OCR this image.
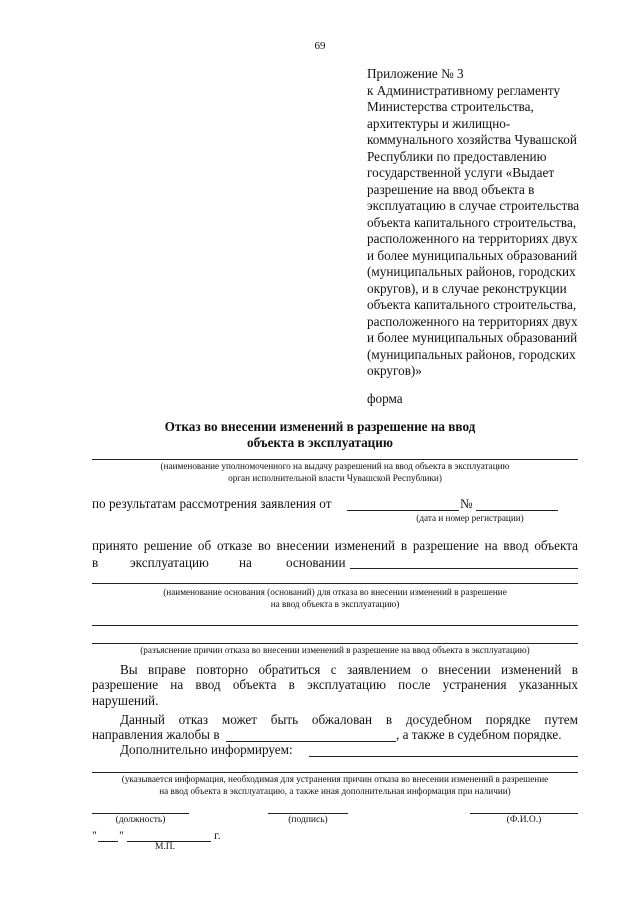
69
Приложение № 3
к Административному регламенту
Министерства строительства,
архитектуры и жилищно-
коммунального хозяйства Чувашской
Республики по предоставлению
государственной услуги «Выдает
разрешение на ввод объекта в
эксплуатацию в случае строительства
объекта капитального строительства,
расположенного на территориях двух
и более муниципальных образований
(муниципальных районов, городских
округов), и в случае реконструкции
объекта капитального строительства,
расположенного на территориях двух
и более муниципальных образований
(муниципальных районов, городских
округов)»
форма
Отказ во внесении изменений в разрешение на ввод
объекта в эксплуатацию
(наименование уполномоченного на выдачу разрешений на ввод объекта в эксплуатацию
орган исполнительной власти Чувашской Республики)
по результатам рассмотрения заявления от	№
(дата и номер регистрации)
принято решение об отказе во внесении изменений в разрешение на ввод объекта
в эксплуатацию на	основании
(наименование основания (оснований) для отказа во внесении изменений в разрешение
на ввод объекта в эксплуатацию)
(разъяснение причин отказа во внесении изменений в разрешение на ввод объекта в эксплуатацию)
Вы вправе повторно обратиться с заявлением о внесении изменений в
разрешение на ввод объекта в эксплуатацию после устранения указанных
нарушений.
Данный отказ может быть обжалован в досудебном порядке путем
направления жалобы в	, а также в судебном порядке.
Дополнительно информируем:
(указывается информация, необходимая для устранения причин отказа во внесении изменений в разрешение
на ввод объекта в эксплуатацию, а также иная дополнительная информация при наличии)
(должность)	(подпись)	(Ф.И.О.)
" "	г.
М.П.
